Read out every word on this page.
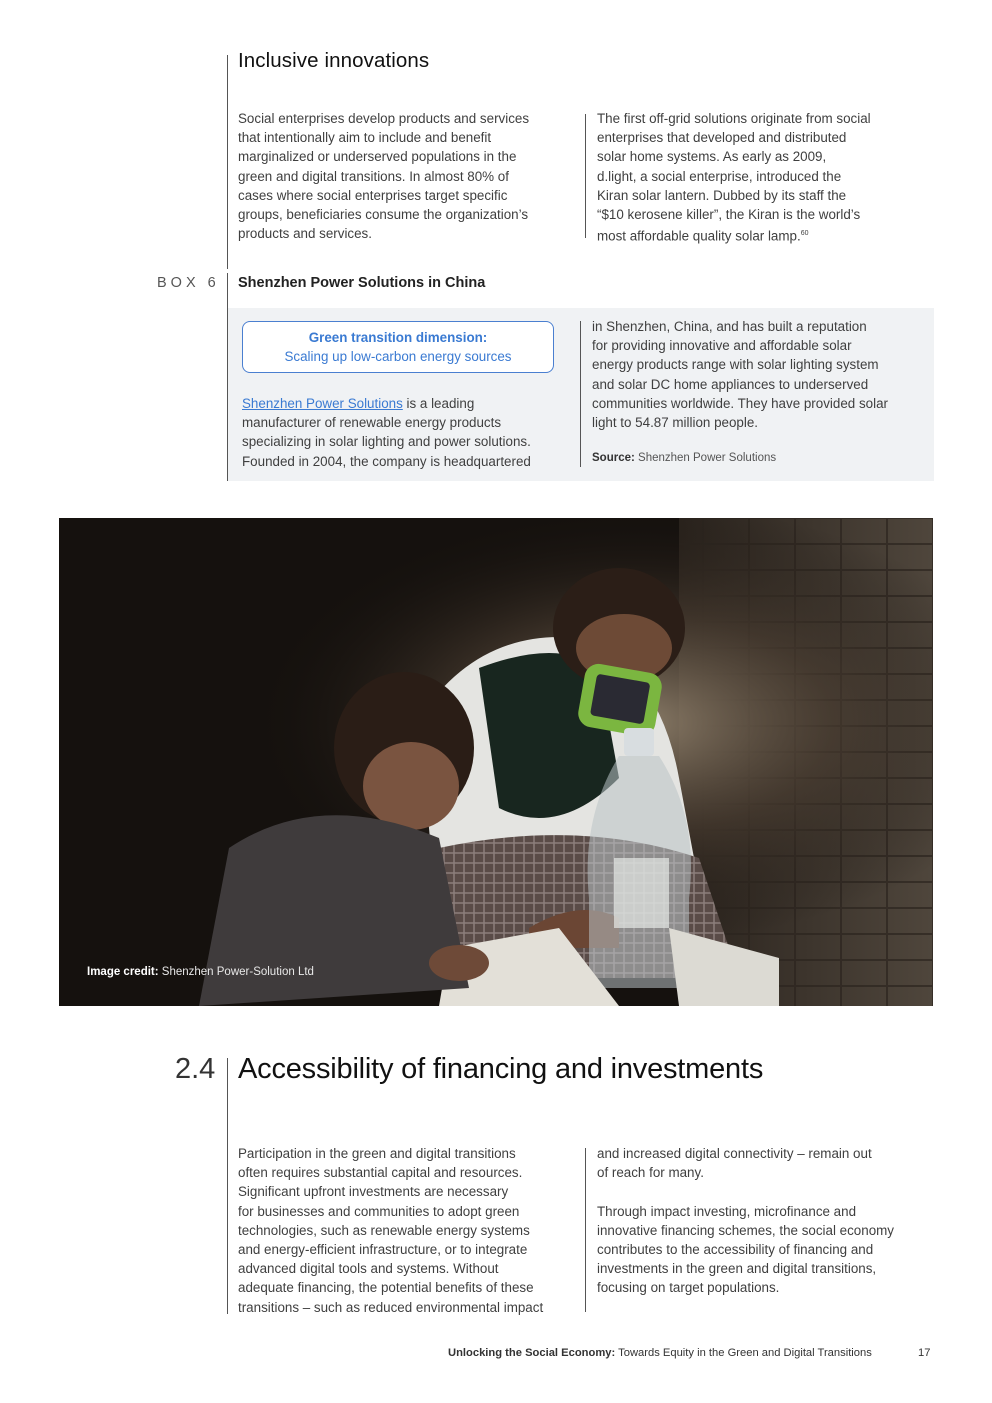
Inclusive innovations

Social enterprises develop products and services

that intentionally aim to include and benefit

marginalized or underserved populations in the

green and digital transitions. In almost 80% of

cases where social enterprises target specific

groups, beneficiaries consume the organization’s

products and services.

The first off-grid solutions originate from social

enterprises that developed and distributed

solar home systems. As early as 2009,

d.light, a social enterprise, introduced the

Kiran solar lantern. Dubbed by its staff the

“$10 kerosene killer”, the Kiran is the world’s

most affordable quality solar lamp.$^{60}$

BOX 6 Shenzhen Power Solutions in China
Green transition dimension:
Scaling up low-carbon energy sources

Shenzhen Power Solutions is a leading

manufacturer of renewable energy products

specializing in solar lighting and power solutions.

Founded in 2004, the company is headquartered

in Shenzhen, China, and has built a reputation

for providing innovative and affordable solar

energy products range with solar lighting system

and solar DC home appliances to underserved

communities worldwide. They have provided solar

light to 54.87 million people.

Source: Shenzhen Power Solutions
Image credit: Shenzhen Power-Solution Ltd
2.4 Accessibility of financing and investments

Participation in the green and digital transitions

often requires substantial capital and resources.

Significant upfront investments are necessary

for businesses and communities to adopt green

technologies, such as renewable energy systems

and energy-efficient infrastructure, or to integrate

advanced digital tools and systems. Without

adequate financing, the potential benefits of these

transitions – such as reduced environmental impact

and increased digital connectivity – remain out

of reach for many.

Through impact investing, microfinance and

innovative financing schemes, the social economy

contributes to the accessibility of financing and

investments in the green and digital transitions,

focusing on target populations.

Unlocking the Social Economy: Towards Equity in the Green and Digital Transitions	17
